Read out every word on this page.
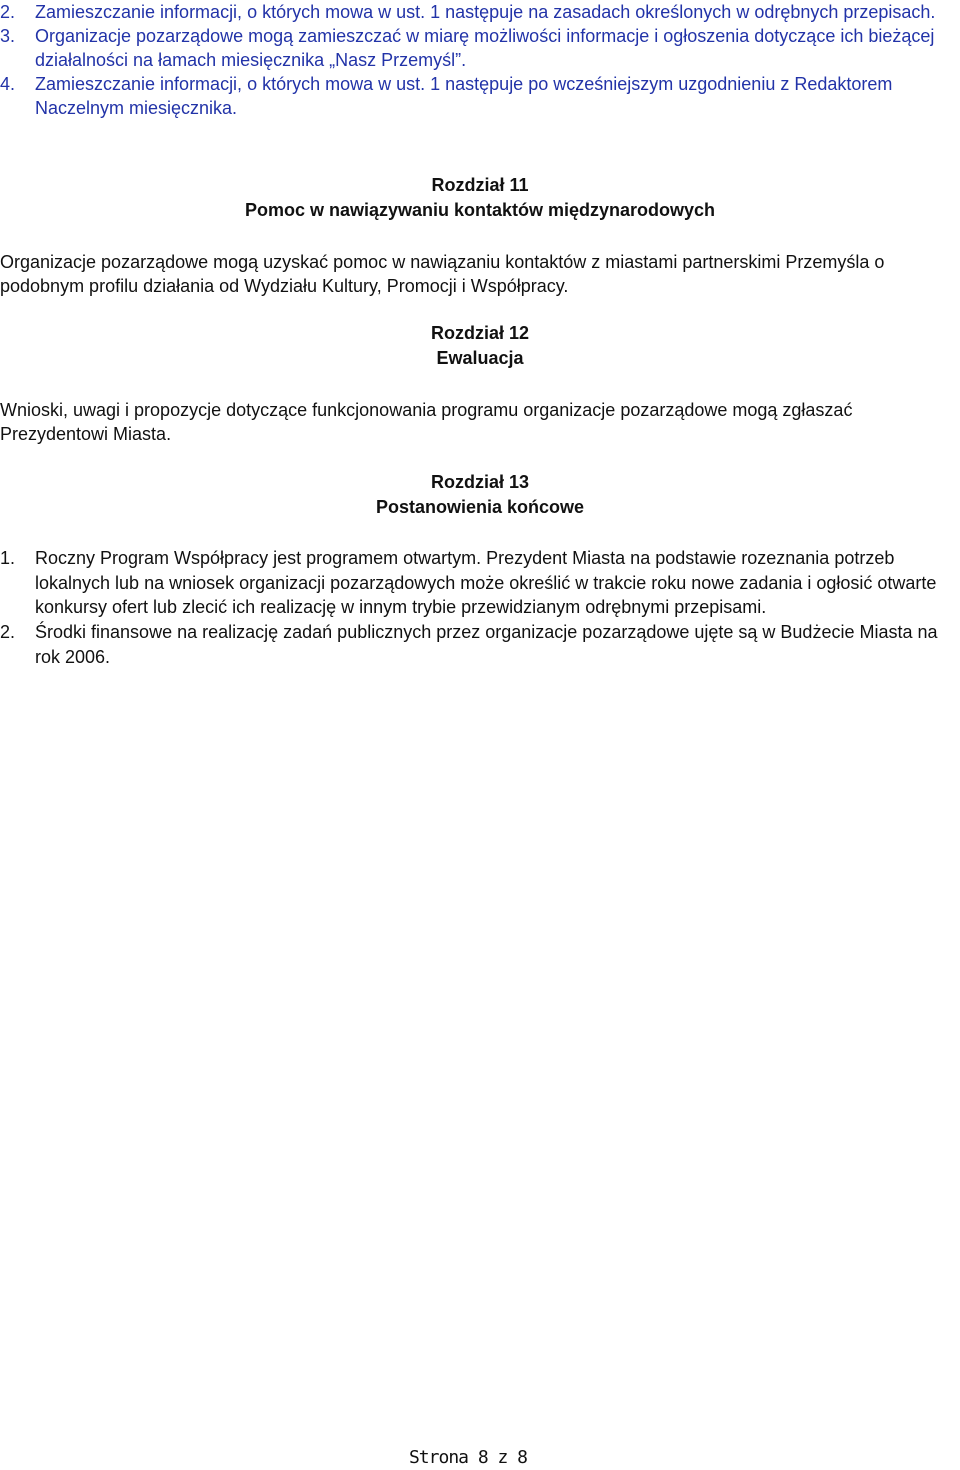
2.	Zamieszczanie informacji, o których mowa w ust. 1 następuje na zasadach określonych w odrębnych przepisach.
3.	Organizacje pozarządowe mogą zamieszczać w miarę możliwości informacje i ogłoszenia dotyczące ich bieżącej działalności na łamach miesięcznika „Nasz Przemyśl”.
4.	Zamieszczanie informacji, o których mowa w ust. 1 następuje po wcześniejszym uzgodnieniu z Redaktorem Naczelnym miesięcznika.
Rozdział 11
Pomoc w nawiązywaniu kontaktów międzynarodowych
Organizacje pozarządowe mogą uzyskać pomoc w nawiązaniu kontaktów z miastami partnerskimi Przemyśla o podobnym profilu działania od Wydziału Kultury, Promocji i Współpracy.
Rozdział 12
Ewaluacja
Wnioski, uwagi i propozycje dotyczące funkcjonowania programu organizacje pozarządowe mogą zgłaszać Prezydentowi Miasta.
Rozdział 13
Postanowienia końcowe
1.	Roczny Program Współpracy jest programem otwartym. Prezydent Miasta na podstawie rozeznania potrzeb lokalnych lub na wniosek organizacji pozarządowych może określić w trakcie roku nowe zadania i ogłosić otwarte konkursy ofert lub zlecić ich realizację w innym trybie przewidzianym odrębnymi przepisami.
2.	Środki finansowe na realizację zadań publicznych przez organizacje pozarządowe ujęte są w Budżecie Miasta na rok 2006.
Strona 8 z 8
